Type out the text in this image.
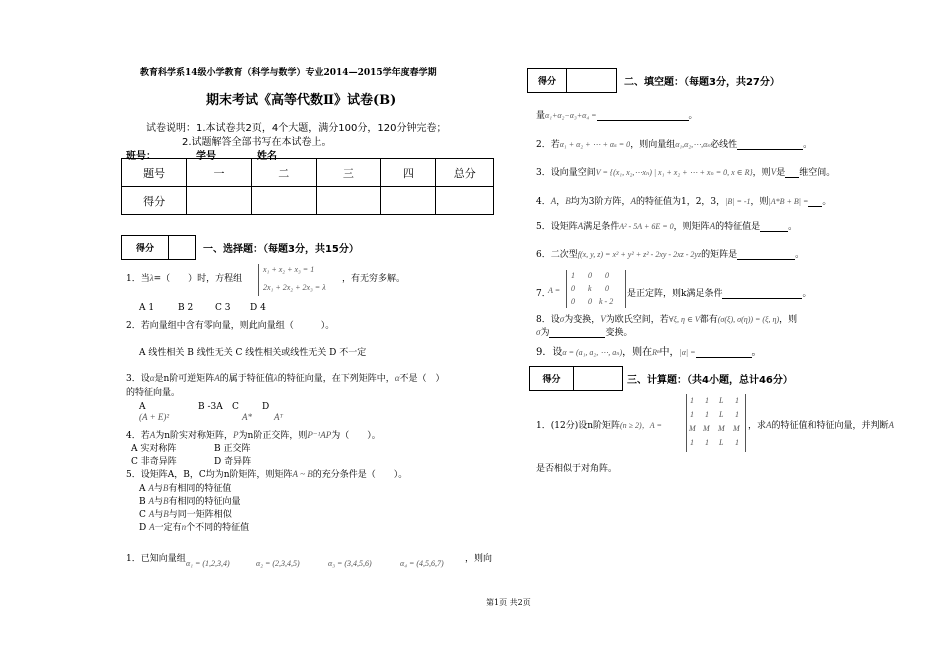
教育科学系14级小学教育（科学与数学）专业2014—2015学年度春学期
期末考试《高等代数Ⅱ》试卷(B)
试卷说明：1.本试卷共2页，4个大题，满分100分，120分钟完卷；
2.试题解答全部书写在本试卷上。
班号：	学号	姓名
题号	一	二	三	四	总分
得分					
得分	一、选择题：（每题3分，共15分）
1．当λ=（　　）时，方程组
x₁ + x₂ + x₃ = 1
2x₁ + 2x₂ + 2x₃ = λ
，有无穷多解。
A 1	B 2 C 3 D 4
2．若向量组中含有零向量，则此向量组（　　　）。
A 线性相关 B 线性无关 C 线性相关或线性无关 D 不一定
3．设α是n阶可逆矩阵A的属于特征值λ的特征向量，在下列矩阵中，α不是（　）
的特征向量。
A
(A + E)²
B -3A C
A*
D
Aᵀ
4．若A为n阶实对称矩阵，P为n阶正交阵，则P⁻¹AP为（　　）。
A 实对称阵	B 正交阵
C 非奇异阵	D 奇异阵
5．设矩阵A，B，C均为n阶矩阵，则矩阵A ~ B的充分条件是（　　）。
A A与B有相同的特征值
B A与B有相同的特征向量
C A与B与同一矩阵相似
D A一定有n个不同的特征值
1．已知向量组 α₁ = (1,2,3,4)	α₂ = (2,3,4,5)	α₃ = (3,4,5,6)	α₄ = (4,5,6,7) ，则向
得分	二、填空题：（每题3分，共27分）
量α₁+α₂−α₃+α₄ =	。
2．若α₁ + α₂ + ⋯ + αₛ = 0，则向量组α₁,α₂,⋯,αₛ必线性	。
3．设向量空间V = {(x₁, x₂,⋯xₙ) | x₁ + x₂ + ⋯ + xₙ = 0, x ∈ R}，则V是 维空间。
4．A，B均为3阶方阵，A的特征值为1，2，3，|B| = -1，则|A*B + B| = 。
5．设矩阵A满足条件A² - 5A + 6E = 0，则矩阵A的特征值是	。
6．二次型f(x, y, z) = x² + y² + z² - 2xy - 2xz - 2yz的矩阵是	。
7．
A =
1 0 0
0 k 0
0 0 k - 2
是正定阵，则k满足条件	。
8．设σ为变换，V为欧氏空间，若∀ξ, η ∈ V都有(σ(ξ), σ(η)) = (ξ, η)，则
σ为	变换。
9．设α = (a₁, a₂, ⋯, aₙ)，则在Rⁿ中，|α| =	。
得分	三、计算题：（共4小题，总计46分）
1．(12分)设n阶矩阵(n ≥ 2)，A =
1 1 L 1
1 1 L 1
M M M M
1 1 L 1
，求A的特征值和特征向量，并判断A
是否相似于对角阵。
第1页 共2页
